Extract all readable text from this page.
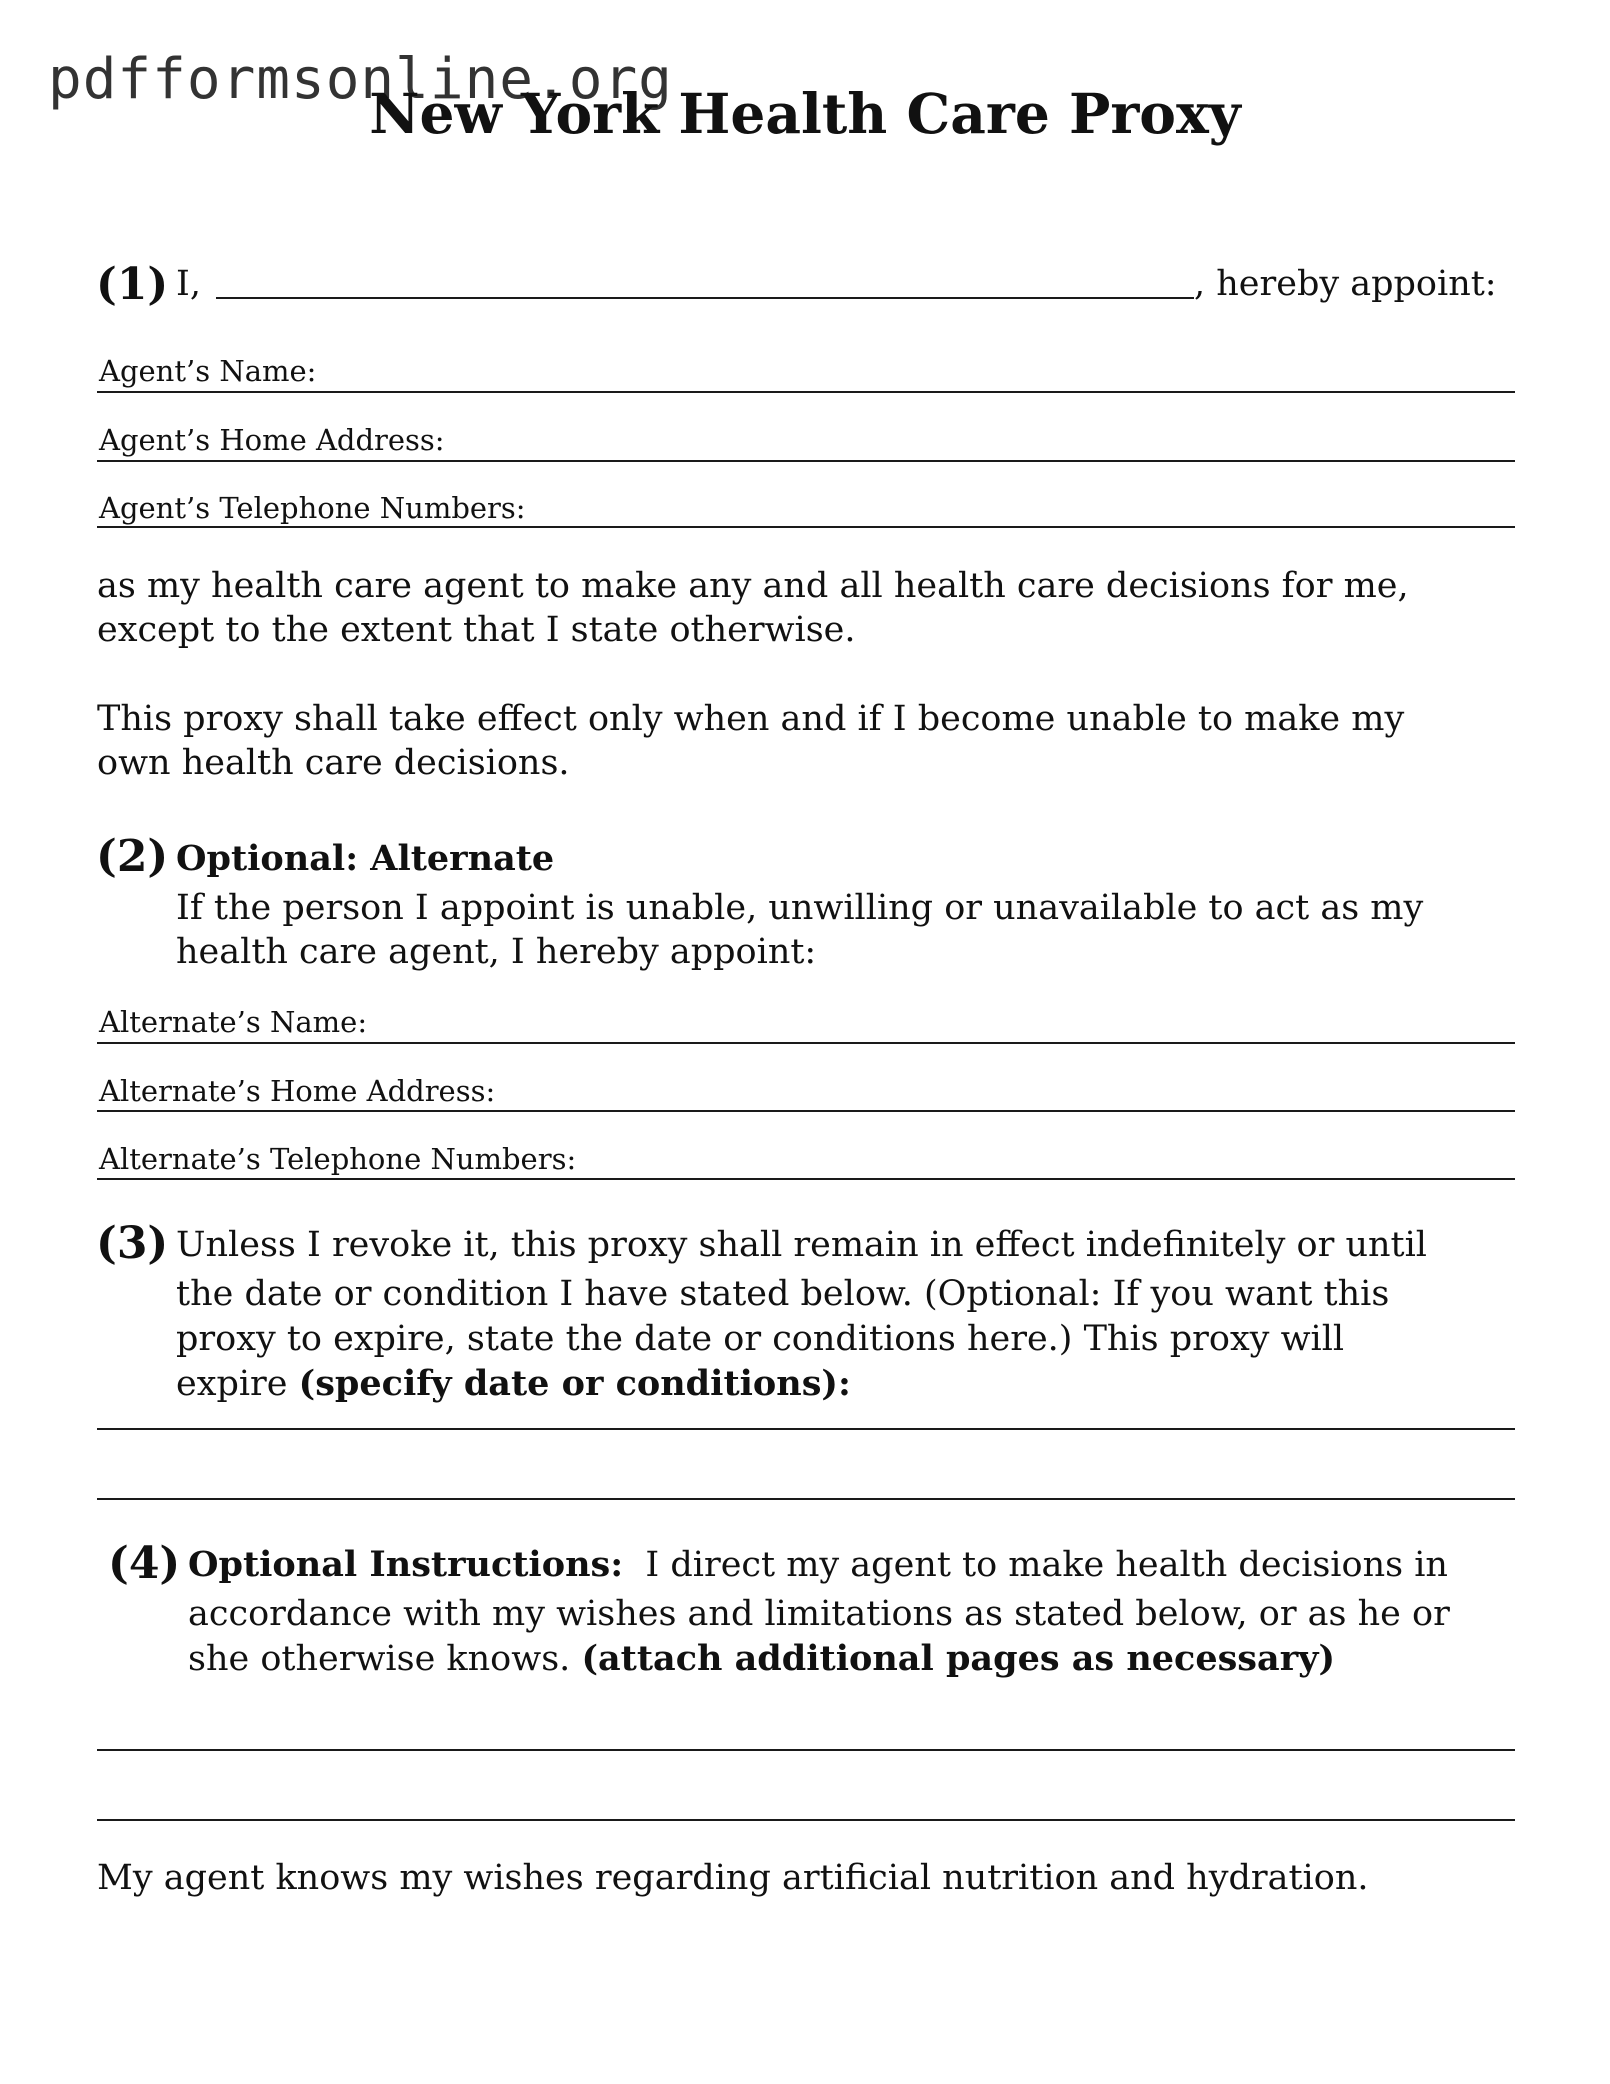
pdfformsonline.org
New York Health Care Proxy
(1) I,	, hereby appoint:
Agent’s Name:
Agent’s Home Address:
Agent’s Telephone Numbers:
as my health care agent to make any and all health care decisions for me,
except to the extent that I state otherwise.
This proxy shall take effect only when and if I become unable to make my
own health care decisions.
(2) Optional: Alternate
If the person I appoint is unable, unwilling or unavailable to act as my
health care agent, I hereby appoint:
Alternate’s Name:
Alternate’s Home Address:
Alternate’s Telephone Numbers:
(3) Unless I revoke it, this proxy shall remain in effect indefinitely or until
the date or condition I have stated below. (Optional: If you want this
expire (specify date or conditions):
proxy to expire, state the date or conditions here.) This proxy will
(4) Optional Instructions: I direct my agent to make health decisions in
accordance with my wishes and limitations as stated below, or as he or
she otherwise knows. (attach additional pages as necessary)
My agent knows my wishes regarding artificial nutrition and hydration.
